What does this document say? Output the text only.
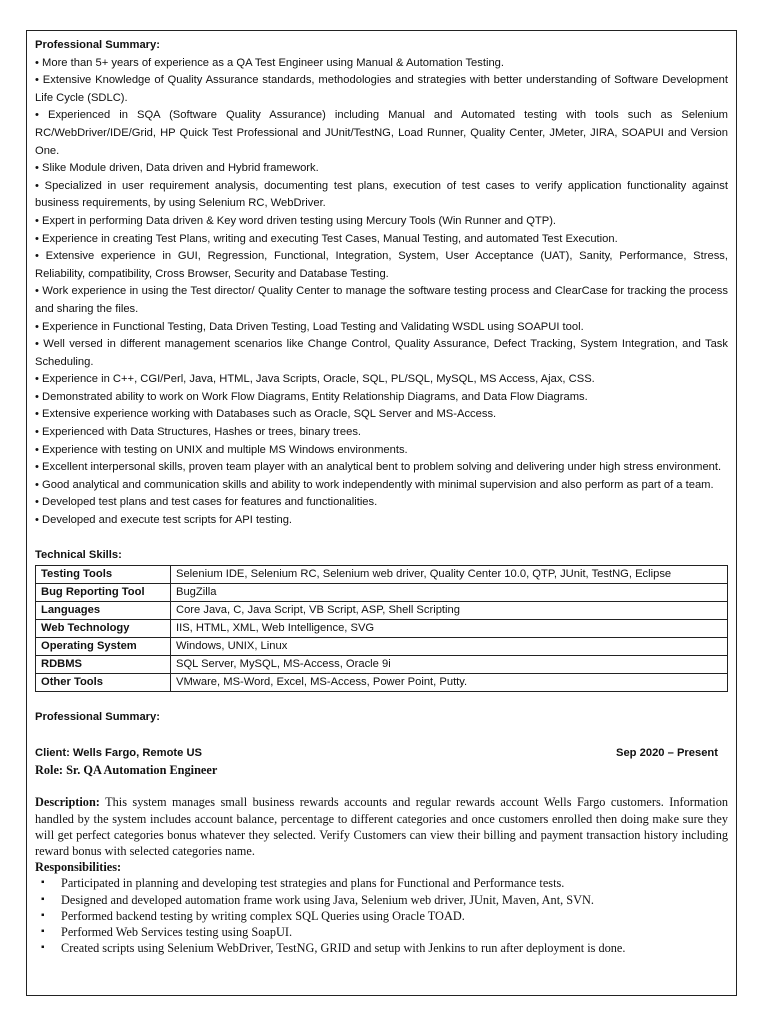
Professional Summary:
• More than 5+ years of experience as a QA Test Engineer using Manual & Automation Testing.
• Extensive Knowledge of Quality Assurance standards, methodologies and strategies with better understanding of Software Development Life Cycle (SDLC).
• Experienced in SQA (Software Quality Assurance) including Manual and Automated testing with tools such as Selenium RC/WebDriver/IDE/Grid, HP Quick Test Professional and JUnit/TestNG, Load Runner, Quality Center, JMeter, JIRA, SOAPUI and Version One.
• Slike Module driven, Data driven and Hybrid framework.
• Specialized in user requirement analysis, documenting test plans, execution of test cases to verify application functionality against business requirements, by using Selenium RC, WebDriver.
• Expert in performing Data driven & Key word driven testing using Mercury Tools (Win Runner and QTP).
• Experience in creating Test Plans, writing and executing Test Cases, Manual Testing, and automated Test Execution.
• Extensive experience in GUI, Regression, Functional, Integration, System, User Acceptance (UAT), Sanity, Performance, Stress, Reliability, compatibility, Cross Browser, Security and Database Testing.
• Work experience in using the Test director/ Quality Center to manage the software testing process and ClearCase for tracking the process and sharing the files.
• Experience in Functional Testing, Data Driven Testing, Load Testing and Validating WSDL using SOAPUI tool.
• Well versed in different management scenarios like Change Control, Quality Assurance, Defect Tracking, System Integration, and Task Scheduling.
• Experience in C++, CGI/Perl, Java, HTML, Java Scripts, Oracle, SQL, PL/SQL, MySQL, MS Access, Ajax, CSS.
• Demonstrated ability to work on Work Flow Diagrams, Entity Relationship Diagrams, and Data Flow Diagrams.
• Extensive experience working with Databases such as Oracle, SQL Server and MS-Access.
• Experienced with Data Structures, Hashes or trees, binary trees.
• Experience with testing on UNIX and multiple MS Windows environments.
• Excellent interpersonal skills, proven team player with an analytical bent to problem solving and delivering under high stress environment.
• Good analytical and communication skills and ability to work independently with minimal supervision and also perform as part of a team.
• Developed test plans and test cases for features and functionalities.
• Developed and execute test scripts for API testing.
Technical Skills:
Testing Tools	Selenium IDE, Selenium RC, Selenium web driver, Quality Center 10.0, QTP, JUnit, TestNG, Eclipse
Bug Reporting Tool	BugZilla
Languages	Core Java, C, Java Script, VB Script, ASP, Shell Scripting
Web Technology	IIS, HTML, XML, Web Intelligence, SVG
Operating System	Windows, UNIX, Linux
RDBMS	SQL Server, MySQL, MS-Access, Oracle 9i
Other Tools	VMware, MS-Word, Excel, MS-Access, Power Point, Putty.
Professional Summary:
Client: Wells Fargo, Remote US	Sep 2020 – Present
Role: Sr. QA Automation Engineer
Description: This system manages small business rewards accounts and regular rewards account Wells Fargo customers. Information handled by the system includes account balance, percentage to different categories and once customers enrolled then doing make sure they will get perfect categories bonus whatever they selected. Verify Customers can view their billing and payment transaction history including reward bonus with selected categories name.
Responsibilities:
▪ Participated in planning and developing test strategies and plans for Functional and Performance tests.
▪ Designed and developed automation frame work using Java, Selenium web driver, JUnit, Maven, Ant, SVN.
▪ Performed backend testing by writing complex SQL Queries using Oracle TOAD.
▪ Performed Web Services testing using SoapUI.
▪ Created scripts using Selenium WebDriver, TestNG, GRID and setup with Jenkins to run after deployment is done.
